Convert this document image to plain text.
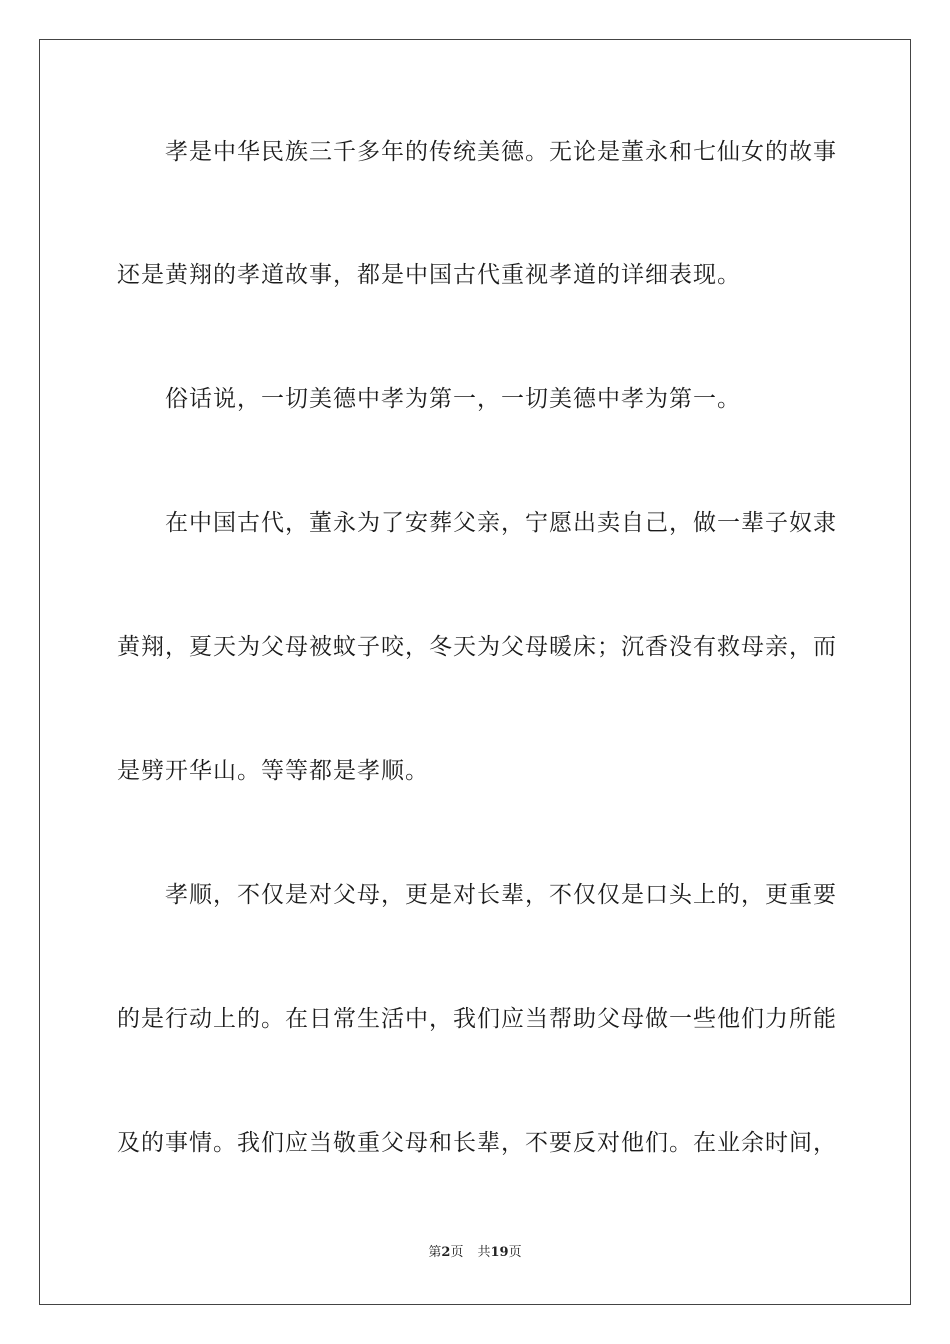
孝是中华民族三千多年的传统美德。无论是董永和七仙女的故事
还是黄翔的孝道故事，都是中国古代重视孝道的详细表现。
俗话说，一切美德中孝为第一，一切美德中孝为第一。
在中国古代，董永为了安葬父亲，宁愿出卖自己，做一辈子奴隶
黄翔，夏天为父母被蚊子咬，冬天为父母暖床；沉香没有救母亲，而
是劈开华山。等等都是孝顺。
孝顺，不仅是对父母，更是对长辈，不仅仅是口头上的，更重要
的是行动上的。在日常生活中，我们应当帮助父母做一些他们力所能
及的事情。我们应当敬重父母和长辈，不要反对他们。在业余时间，
第2页 共19页
